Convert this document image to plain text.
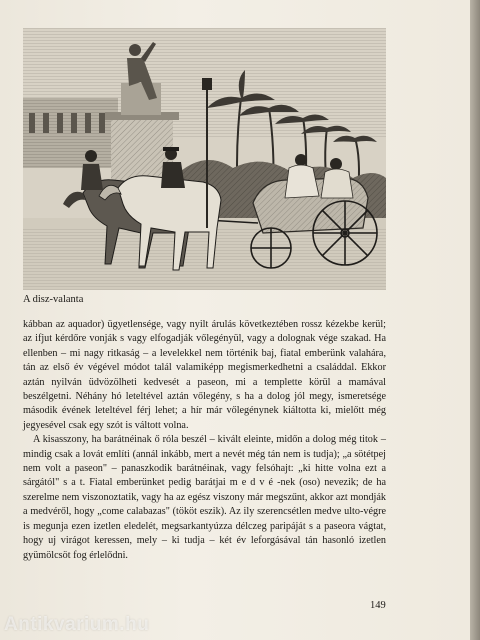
A disz-valanta

kábban az aquador) ügyetlensége, vagy nyilt árulás következtében rossz kézekbe kerül; az ifjut kérdőre vonják s vagy elfogadják vőlegényül, vagy a dolognak vége szakad. Ha ellenben – mi nagy ritkaság – a levelekkel nem történik baj, fiatal emberünk valahára, tán az első év végével módot talál valamiképp megismerkedhetni a családdal. Ekkor aztán nyilván üdvözölheti kedvesét a paseon, mi a templette körül a mamával beszélgetni. Néhány hó leteltével aztán vőlegény, s ha a dolog jól megy, ismeretsége második évének leteltével férj lehet; a hír már vőlegénynek kiáltotta ki, mielőtt még jegyesével csak egy szót is váltott volna.

A kisasszony, ha barátnéinak ő róla beszél – kivált eleinte, midőn a dolog még titok – mindig csak a lovát említi (annál inkább, mert a nevét még tán nem is tudja); „a sötétpej nem volt a paseon" – panaszkodik barátnéinak, vagy felsóhajt: „ki hitte volna ezt a sárgától" s a t. Fiatal emberünket pedig barátjai m e d v é -nek (oso) nevezik; de ha szerelme nem viszonoztatik, vagy ha az egész viszony már megszűnt, akkor azt mondják a medvéről, hogy „come calabazas" (tököt eszik). Az ily szerencsétlen medve ulto-végre is megunja ezen izetlen eledelét, megsarkantyúzza délczeg paripáját s a paseora vágtat, hogy uj virágot keressen, mely – ki tudja – két év leforgásával tán hasonló izetlen gyümölcsöt fog érlelődni.

149
Antikvarium.hu
